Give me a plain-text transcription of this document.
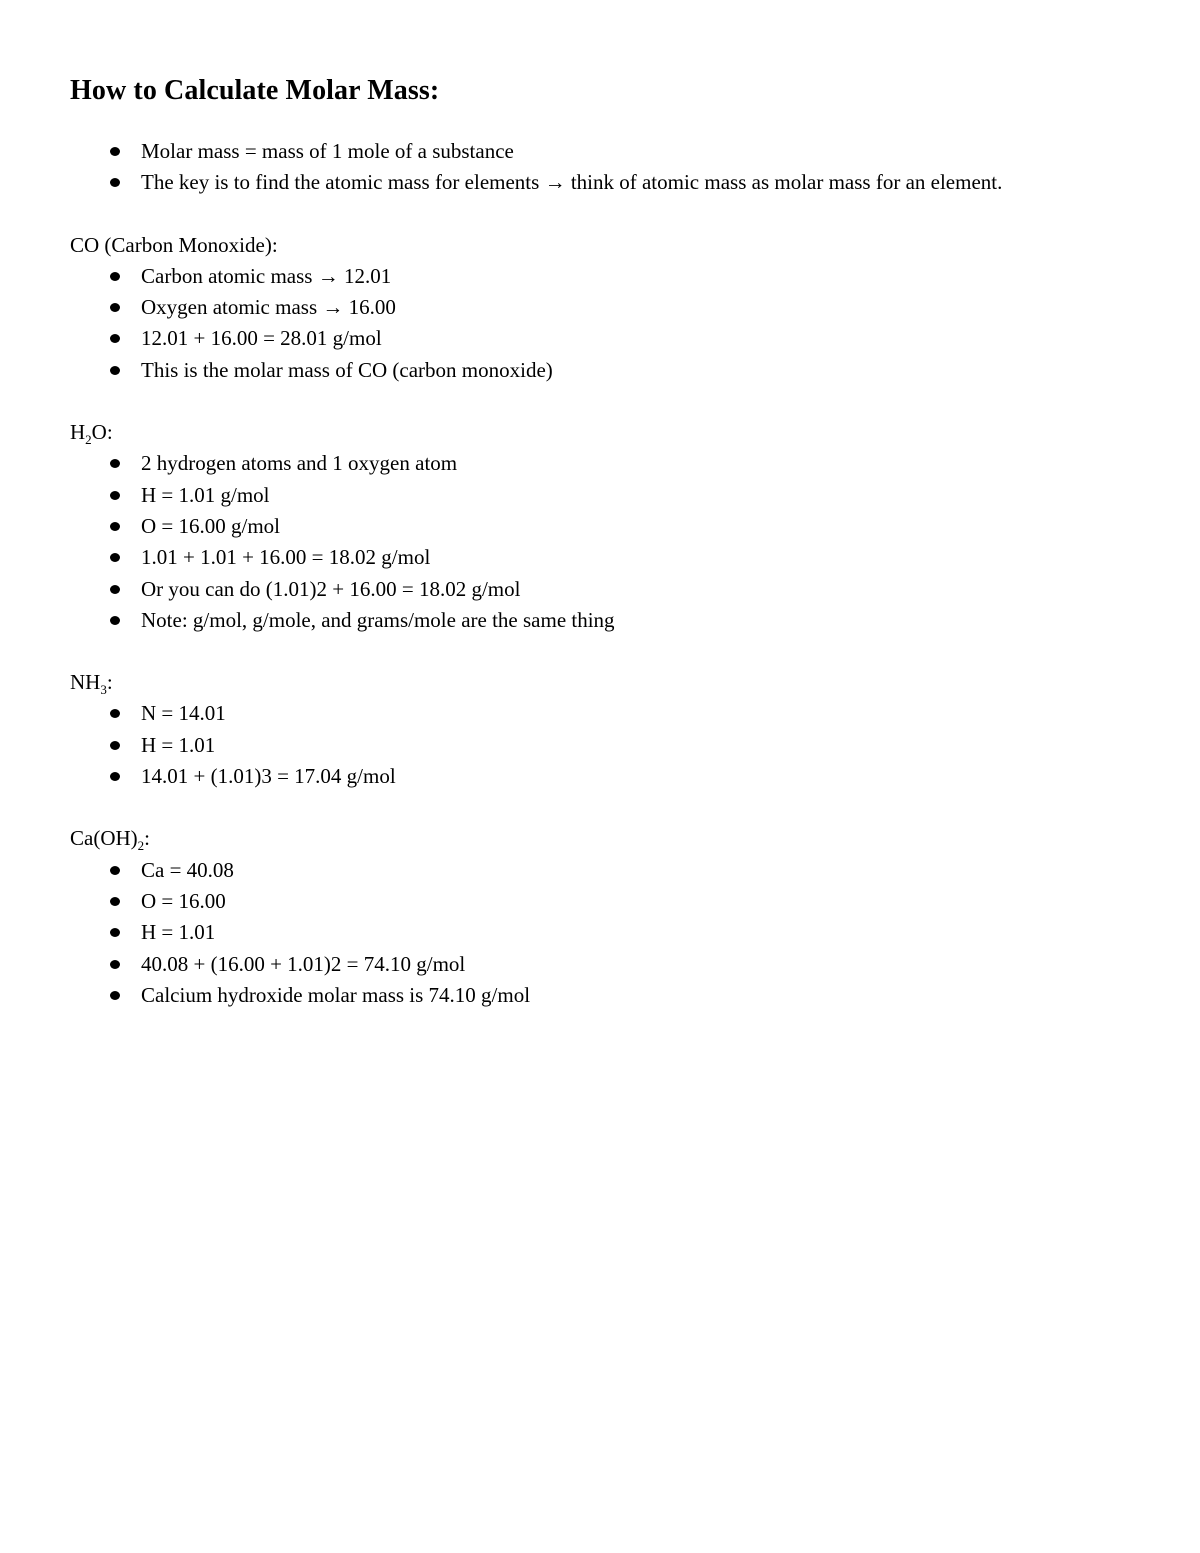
How to Calculate Molar Mass:
Molar mass = mass of 1 mole of a substance
The key is to find the atomic mass for elements → think of atomic mass as molar mass for an element.
CO (Carbon Monoxide):
Carbon atomic mass → 12.01
Oxygen atomic mass → 16.00
12.01 + 16.00 = 28.01 g/mol
This is the molar mass of CO (carbon monoxide)
$H_2O$:
2 hydrogen atoms and 1 oxygen atom
H = 1.01 g/mol
O = 16.00 g/mol
1.01 + 1.01 + 16.00 = 18.02 g/mol
Or you can do (1.01)2 + 16.00 = 18.02 g/mol
Note: g/mol, g/mole, and grams/mole are the same thing
$NH_3$:
N = 14.01
H = 1.01
14.01 + (1.01)3 = 17.04 g/mol
$Ca(OH)_2$:
Ca = 40.08
O = 16.00
H = 1.01
40.08 + (16.00 + 1.01)2 = 74.10 g/mol
Calcium hydroxide molar mass is 74.10 g/mol
